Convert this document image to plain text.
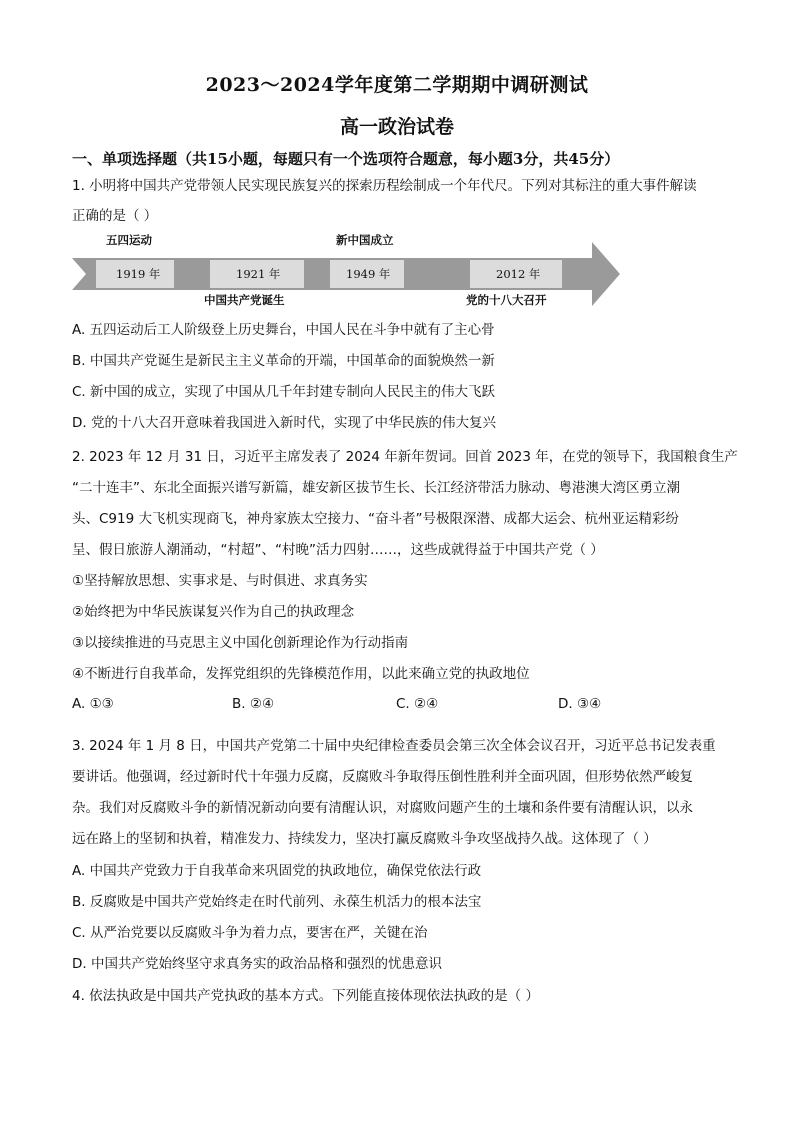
2023～2024学年度第二学期期中调研测试
高一政治试卷
一、单项选择题（共15小题，每题只有一个选项符合题意，每小题3分，共45分）
1. 小明将中国共产党带领人民实现民族复兴的探索历程绘制成一个年代尺。下列对其标注的重大事件解读
正确的是（ ）
五四运动	新中国成立
1919 年	1921 年	1949 年	2012 年
中国共产党诞生	党的十八大召开
A. 五四运动后工人阶级登上历史舞台，中国人民在斗争中就有了主心骨
B. 中国共产党诞生是新民主主义革命的开端，中国革命的面貌焕然一新
C. 新中国的成立，实现了中国从几千年封建专制向人民民主的伟大飞跃
D. 党的十八大召开意味着我国进入新时代，实现了中华民族的伟大复兴
2. 2023 年 12 月 31 日，习近平主席发表了 2024 年新年贺词。回首 2023 年，在党的领导下，我国粮食生产
“二十连丰”、东北全面振兴谱写新篇，雄安新区拔节生长、长江经济带活力脉动、粤港澳大湾区勇立潮
头、C919 大飞机实现商飞，神舟家族太空接力、“奋斗者”号极限深潜、成都大运会、杭州亚运精彩纷
呈、假日旅游人潮涌动，“村超”、“村晚”活力四射……，这些成就得益于中国共产党（ ）
①坚持解放思想、实事求是、与时俱进、求真务实
②始终把为中华民族谋复兴作为自己的执政理念
③以接续推进的马克思主义中国化创新理论作为行动指南
④不断进行自我革命，发挥党组织的先锋模范作用，以此来确立党的执政地位
A. ①③	B. ②④	C. ②④	D. ③④
3. 2024 年 1 月 8 日，中国共产党第二十届中央纪律检查委员会第三次全体会议召开，习近平总书记发表重
要讲话。他强调，经过新时代十年强力反腐，反腐败斗争取得压倒性胜利并全面巩固，但形势依然严峻复
杂。我们对反腐败斗争的新情况新动向要有清醒认识，对腐败问题产生的土壤和条件要有清醒认识，以永
远在路上的坚韧和执着，精准发力、持续发力，坚决打赢反腐败斗争攻坚战持久战。这体现了（ ）
A. 中国共产党致力于自我革命来巩固党的执政地位，确保党依法行政
B. 反腐败是中国共产党始终走在时代前列、永葆生机活力的根本法宝
C. 从严治党要以反腐败斗争为着力点，要害在严，关键在治
D. 中国共产党始终坚守求真务实的政治品格和强烈的忧患意识
4. 依法执政是中国共产党执政的基本方式。下列能直接体现依法执政的是（ ）
